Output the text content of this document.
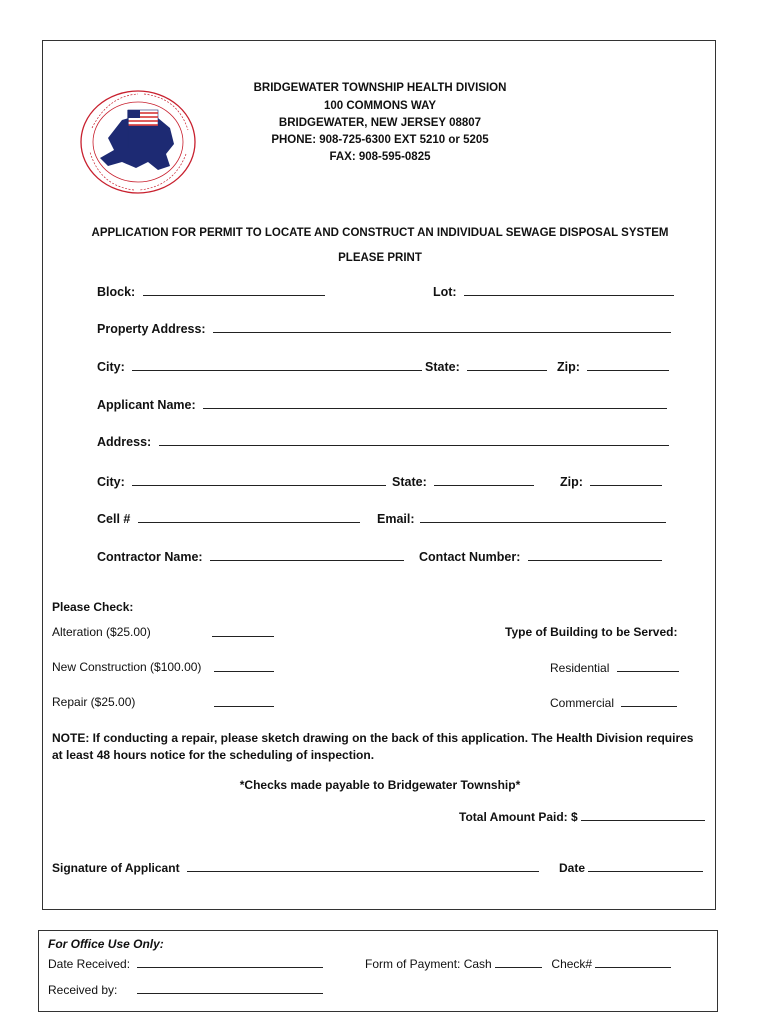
BRIDGEWATER TOWNSHIP HEALTH DIVISION
100 COMMONS WAY
BRIDGEWATER, NEW JERSEY 08807
PHONE: 908-725-6300 EXT 5210 or 5205
FAX: 908-595-0825
APPLICATION FOR PERMIT TO LOCATE AND CONSTRUCT AN INDIVIDUAL SEWAGE DISPOSAL SYSTEM
PLEASE PRINT
Block:	Lot:
Property Address:
City:	State:	Zip:
Applicant Name:
Address:
City:	State:	Zip:
Cell #	Email:
Contractor Name:	Contact Number:
Please Check:
Alteration ($25.00)
New Construction ($100.00)
Repair ($25.00)
Type of Building to be Served:
Residential
Commercial
NOTE: If conducting a repair, please sketch drawing on the back of this application. The Health Division requires at least 48 hours notice for the scheduling of inspection.
*Checks made payable to Bridgewater Township*
Total Amount Paid: $
Signature of Applicant	Date
For Office Use Only:
Date Received:	Form of Payment: Cash	Check#
Received by:
